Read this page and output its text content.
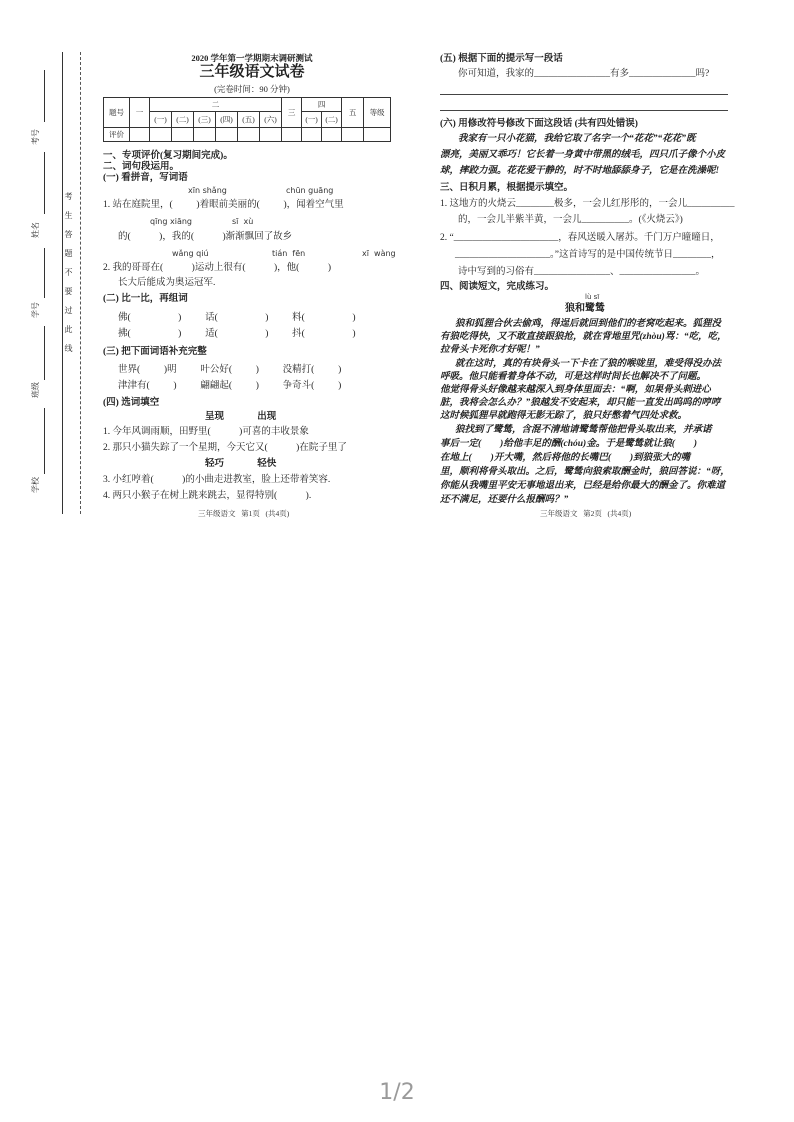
考生答题不要过此线
考号
姓名
学号
班级
学校
2020 学年第一学期期末调研测试
三年级语文试卷
(完卷时间：90 分钟)
题号	一	二						三	四		五	等级
		(一)	(二)	(三)	(四)	(五)	(六)		(一)	(二)		
评价												
一、专项评价(复习期间完成)。
二、词句段运用。
(一) 看拼音，写词语
xīn shǎng	chūn guāng
1. 站在庭院里，(          )着眼前美丽的(          )，闻着空气里
qīng xiāng	sī  xù
的(            )，我的(            )渐渐飘回了故乡
wǎng qiú	tián  fēn	xī  wàng
2. 我的哥哥在(            )运动上很有(            )，他(            )
长大后能成为奥运冠军.
(二) 比一比，再组词
佛(                    )          话(                    )          料(                    )
拂(                    )          适(                    )          抖(                    )
(三) 把下面词语补充完整
世界(          )明          叶公好(          )          没精打(          )
津津有(          )          翩翩起(          )          争奇斗(          )
(四) 选词填空
呈现              出现
1. 今年风调雨顺，田野里(            )可喜的丰收景象
2. 那只小猫失踪了一个星期，今天它又(            )在院子里了
轻巧              轻快
3. 小红哼着(            )的小曲走进教室，脸上还带着笑容.
4. 两只小猴子在树上跳来跳去，显得特别(            ).
三年级语文   第1页   (共4页)
(五) 根据下面的提示写一段话
你可知道，我家的________________有多______________吗?
(六) 用修改符号修改下面这段话 (共有四处错误)
我家有一只小花猫，我给它取了名字一个“花花”“花花”既
漂亮，美丽又乖巧！它长着一身黄中带黑的绒毛，四只爪子像个小皮
球，摔跤力强。花花爱干静的，时不时地舔舔身子，它是在洗澡呢!
三、日积月累，根据提示填空。
1. 这地方的火烧云________极多，一会儿红彤彤的，一会儿__________
的，一会儿半紫半黄，一会儿__________。(《火烧云》)
2. “______________________，春风送暖入屠苏。千门万户曈曈日，
____________________。”这首诗写的是中国传统节日________，
诗中写到的习俗有________________、________________。
四、阅读短文，完成练习。
lù sī
狼和鹭鸶
狼和狐狸合伙去偷鸡，得逞后就回到他们的老窝吃起来。狐狸没
有狼吃得快，又不敢直接跟狼抢，就在背地里咒(zhòu)骂：“吃，吃，
拉骨头卡死你才好呢！”
就在这时，真的有块骨头一下卡在了狼的喉咙里，难受得没办法
呼吸。他只能看着身体不动，可是这样时间长也解决不了问题。
他觉得骨头好像越来越深入到身体里面去：“啊，如果骨头刺进心
脏，我将会怎么办？”狼越发不安起来，却只能一直发出呜呜的哼哼
这时候狐狸早就跑得无影无踪了，狼只好憋着气四处求救。
狼找到了鹭鸶，含混不清地请鹭鸶帮他把骨头取出来，并承诺
事后一定(        )给他丰足的酬(chóu)金。于是鹭鸶就让狼(        )
在地上(        )开大嘴，然后将他的长嘴巴(        )到狼张大的嘴
里，顺利将骨头取出。之后，鹭鸶向狼索取酬金时，狼回答说：“呀，
你能从我嘴里平安无事地退出来，已经是给你最大的酬金了。你难道
还不满足，还要什么报酬吗？”
三年级语文   第2页   (共4页)
1/2
